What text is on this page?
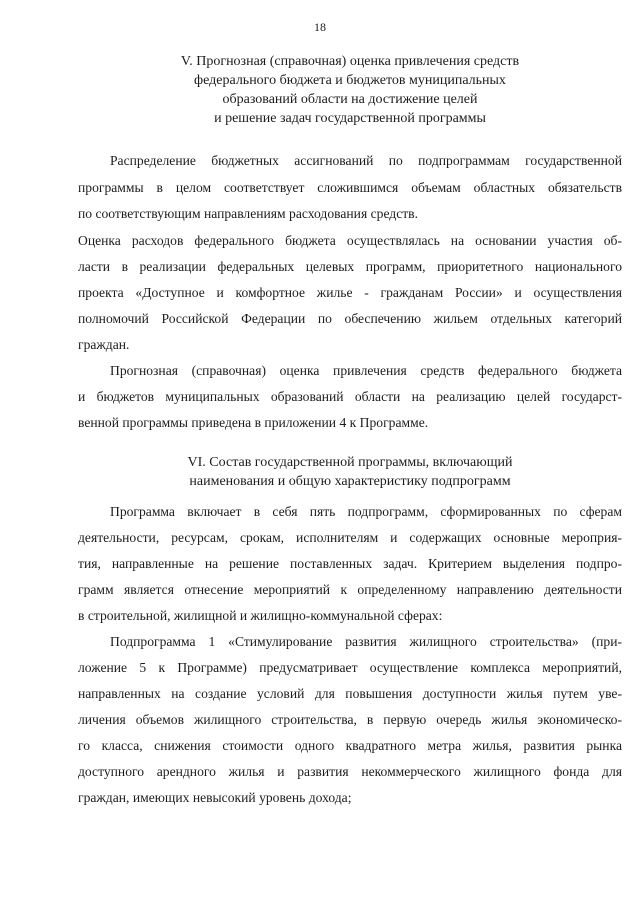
18
V. Прогнозная (справочная) оценка привлечения средств
федерального бюджета и бюджетов муниципальных
образований области на достижение целей
и решение задач государственной программы
Распределение бюджетных ассигнований по подпрограммам государственной
программы в целом соответствует сложившимся объемам областных обязательств
по соответствующим направлениям расходования средств.
Оценка расходов федерального бюджета осуществлялась на основании участия об-
ласти в реализации федеральных целевых программ, приоритетного национального
проекта «Доступное и комфортное жилье - гражданам России» и осуществления
полномочий Российской Федерации по обеспечению жильем отдельных категорий
граждан.
Прогнозная (справочная) оценка привлечения средств федерального бюджета
и бюджетов муниципальных образований области на реализацию целей государст-
венной программы приведена в приложении 4 к Программе.
VI. Состав государственной программы, включающий
наименования и общую характеристику подпрограмм
Программа включает в себя пять подпрограмм, сформированных по сферам
деятельности, ресурсам, срокам, исполнителям и содержащих основные мероприя-
тия, направленные на решение поставленных задач. Критерием выделения подпро-
грамм является отнесение мероприятий к определенному направлению деятельности
в строительной, жилищной и жилищно-коммунальной сферах:
Подпрограмма 1 «Стимулирование развития жилищного строительства» (при-
ложение 5 к Программе) предусматривает осуществление комплекса мероприятий,
направленных на создание условий для повышения доступности жилья путем уве-
личения объемов жилищного строительства, в первую очередь жилья экономическо-
го класса, снижения стоимости одного квадратного метра жилья, развития рынка
доступного арендного жилья и развития некоммерческого жилищного фонда для
граждан, имеющих невысокий уровень дохода;
